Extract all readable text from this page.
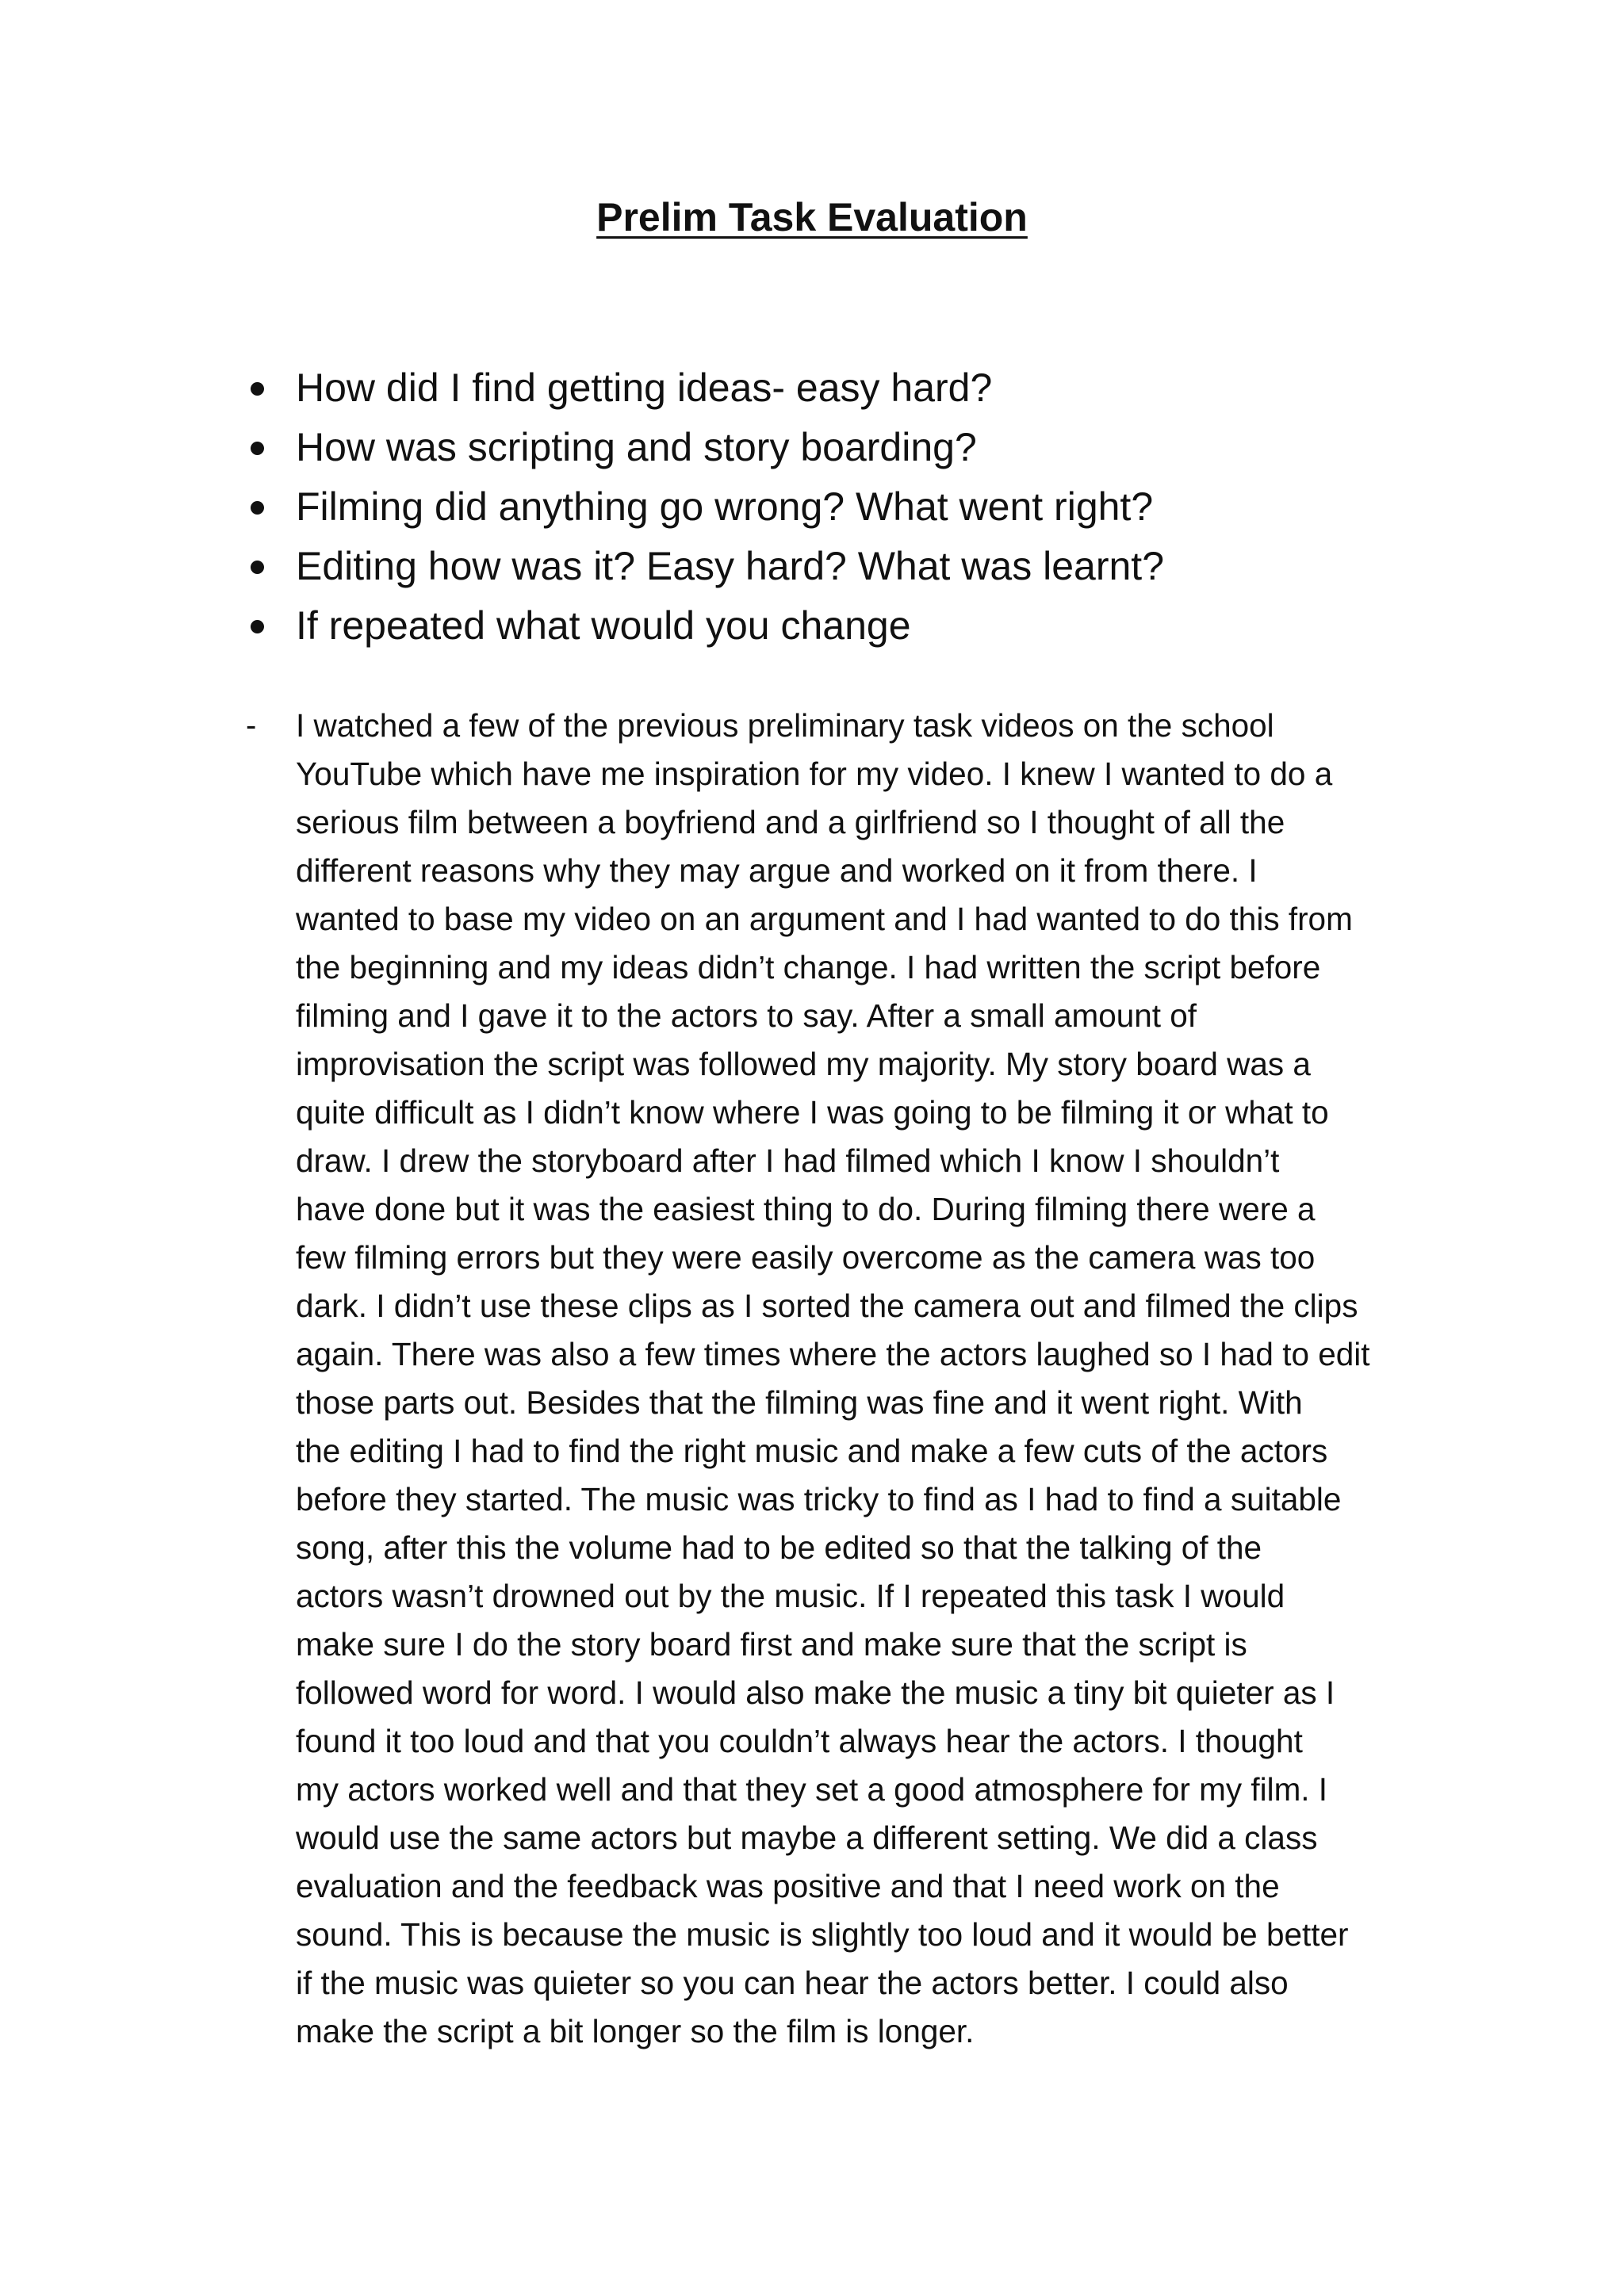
Prelim Task Evaluation
How did I find getting ideas- easy hard?
How was scripting and story boarding?
Filming did anything go wrong? What went right?
Editing how was it? Easy hard? What was learnt?
If repeated what would you change
- I watched a few of the previous preliminary task videos on the school
YouTube which have me inspiration for my video. I knew I wanted to do a
serious film between a boyfriend and a girlfriend so I thought of all the
different reasons why they may argue and worked on it from there. I
wanted to base my video on an argument and I had wanted to do this from
the beginning and my ideas didn’t change. I had written the script before
filming and I gave it to the actors to say. After a small amount of
improvisation the script was followed my majority. My story board was a
quite difficult as I didn’t know where I was going to be filming it or what to
draw. I drew the storyboard after I had filmed which I know I shouldn’t
have done but it was the easiest thing to do. During filming there were a
few filming errors but they were easily overcome as the camera was too
dark. I didn’t use these clips as I sorted the camera out and filmed the clips
again. There was also a few times where the actors laughed so I had to edit
those parts out. Besides that the filming was fine and it went right. With
the editing I had to find the right music and make a few cuts of the actors
before they started. The music was tricky to find as I had to find a suitable
song, after this the volume had to be edited so that the talking of the
actors wasn’t drowned out by the music. If I repeated this task I would
make sure I do the story board first and make sure that the script is
followed word for word. I would also make the music a tiny bit quieter as I
found it too loud and that you couldn’t always hear the actors. I thought
my actors worked well and that they set a good atmosphere for my film. I
would use the same actors but maybe a different setting. We did a class
evaluation and the feedback was positive and that I need work on the
sound. This is because the music is slightly too loud and it would be better
if the music was quieter so you can hear the actors better. I could also
make the script a bit longer so the film is longer.
